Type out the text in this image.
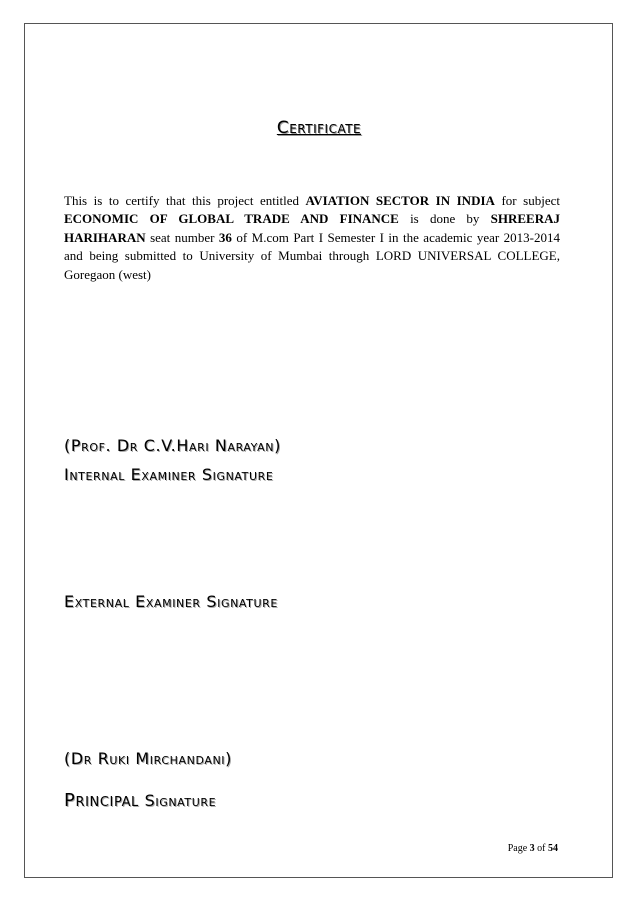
Certificate
This is to certify that this project entitled AVIATION SECTOR IN INDIA for subject ECONOMIC OF GLOBAL TRADE AND FINANCE is done by SHREERAJ HARIHARAN seat number 36 of M.com Part I Semester I in the academic year 2013-2014 and being submitted to University of Mumbai through LORD UNIVERSAL COLLEGE, Goregaon (west)
(Prof. Dr C.V.Hari Narayan)
Internal Examiner Signature
External Examiner Signature
(Dr Ruki Mirchandani)
Principal Signature
Page 3 of 54
